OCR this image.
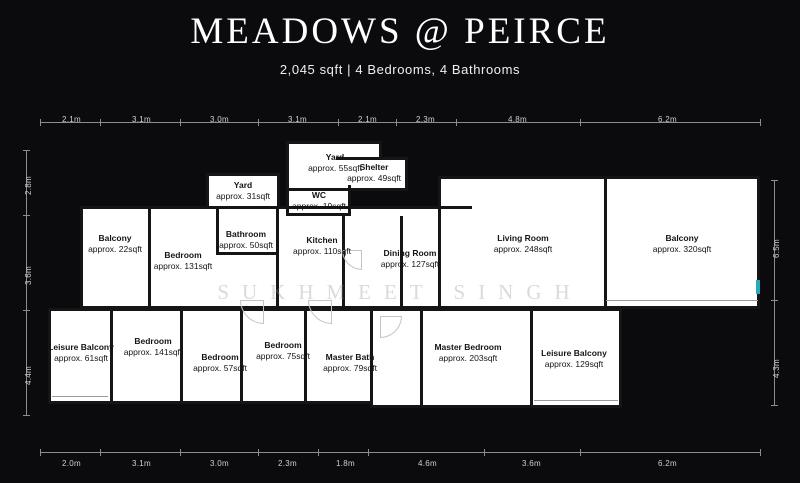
MEADOWS @ PEIRCE
2,045 sqft | 4 Bedrooms, 4 Bathrooms
2.1m	3.1m	3.0m	3.1m	2.1m	2.3m	4.8m	6.2m
2.0m	3.1m	3.0m	2.3m	1.8m	4.6m	3.6m	6.2m
2.8m
3.6m
4.4m
6.5m
4.3m
SUKHMEET SINGH
Yard
approx. 55sqft
Shelter
approx. 49sqft
Yard
approx. 31sqft	WC
approx. 19sqft
Balcony
approx. 22sqft
Bathroom
approx. 50sqft	Kitchen
approx. 110sqft	Dining Room
approx. 127sqft
Living Room
approx. 248sqft
Balcony
approx. 320sqft
Bedroom
approx. 131sqft
Leisure Balcony
approx. 61sqft
Bedroom
approx. 141sqft	Bedroom
approx. 57sqft
Bedroom
approx. 75sqft	Master Bath
approx. 79sqft
Master Bedroom
approx. 203sqft	Leisure Balcony
approx. 129sqft
